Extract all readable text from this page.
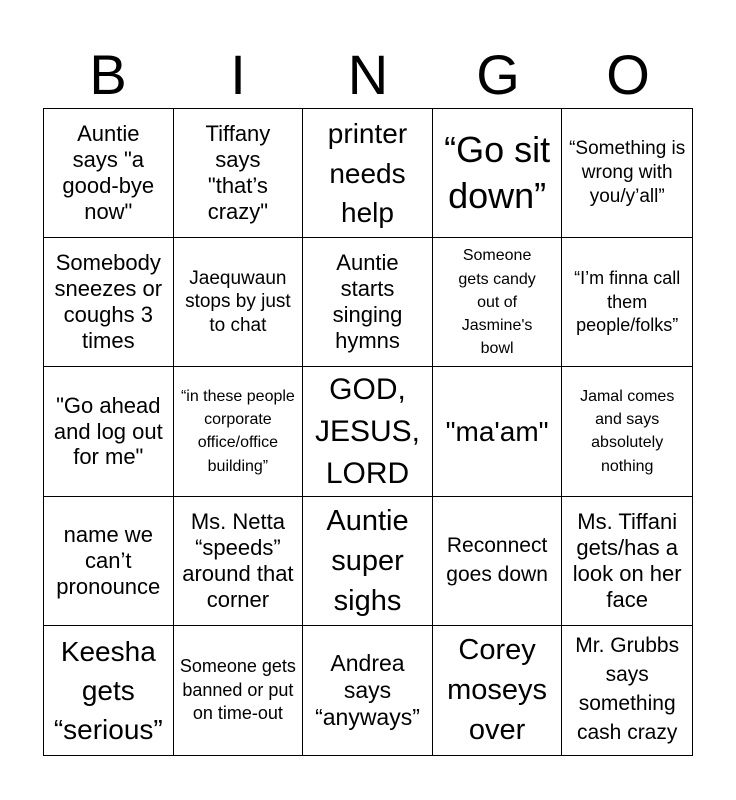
B	I	N	G	O
Auntie says "a good-bye now"
Tiffany says "that’s crazy"
printer needs help
“Go sit down”
“Something is wrong with you/y’all”
Somebody sneezes or coughs 3 times
Jaequwaun stops by just to chat
Auntie starts singing hymns
Someone gets candy out of Jasmine's bowl
“I’m finna call them people/folks”
"Go ahead and log out for me"
“in these people corporate office/office building”
GOD, JESUS, LORD
"ma'am"
Jamal comes and says absolutely nothing
name we can’t pronounce
Ms. Netta “speeds” around that corner
Auntie super sighs
Reconnect goes down
Ms. Tiffani gets/has a look on her face
Keesha gets “serious”
Someone gets banned or put on time-out
Andrea says “anyways”
Corey moseys over
Mr. Grubbs says something cash crazy
